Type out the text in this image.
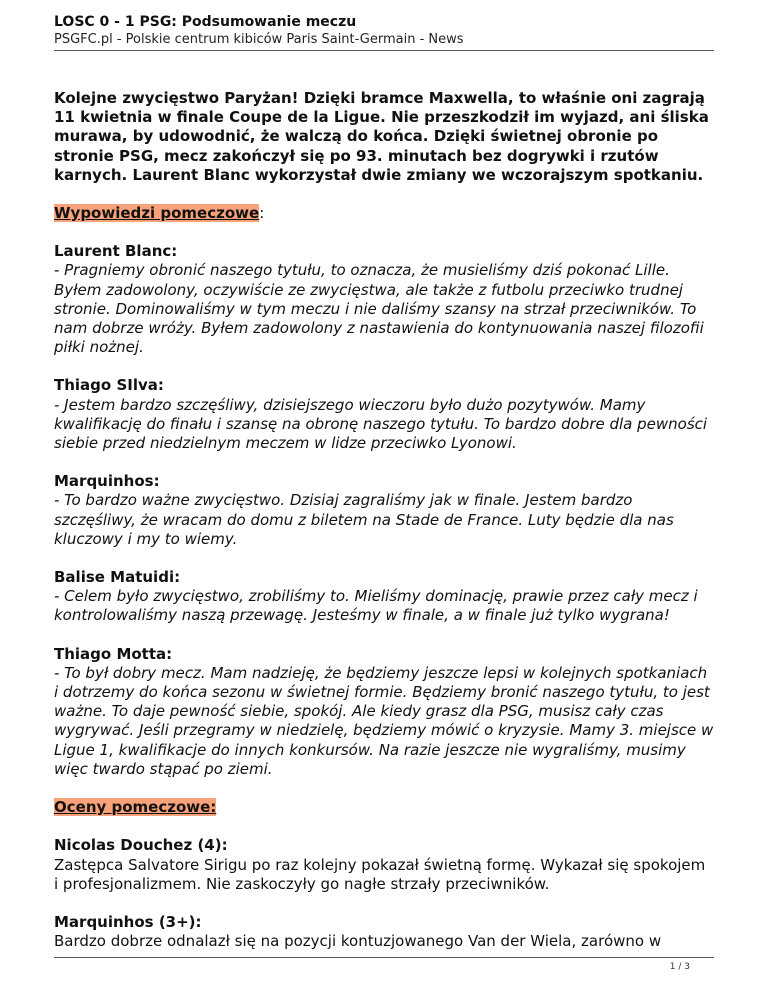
LOSC 0 - 1 PSG: Podsumowanie meczu
PSGFC.pl - Polskie centrum kibiców Paris Saint-Germain - News

Kolejne zwycięstwo Paryżan! Dzięki bramce Maxwella, to właśnie oni zagrają 11 kwietnia w finale Coupe de la Ligue. Nie przeszkodził im wyjazd, ani śliska murawa, by udowodnić, że walczą do końca. Dzięki świetnej obronie po stronie PSG, mecz zakończył się po 93. minutach bez dogrywki i rzutów karnych. Laurent Blanc wykorzystał dwie zmiany we wczorajszym spotkaniu.

Wypowiedzi pomeczowe:
Laurent Blanc:
- Pragniemy obronić naszego tytułu, to oznacza, że musieliśmy dziś pokonać Lille. Byłem zadowolony, oczywiście ze zwycięstwa, ale także z futbolu przeciwko trudnej stronie. Dominowaliśmy w tym meczu i nie daliśmy szansy na strzał przeciwników. To nam dobrze wróży. Byłem zadowolony z nastawienia do kontynuowania naszej filozofii piłki nożnej.
Thiago SIlva:
- Jestem bardzo szczęśliwy, dzisiejszego wieczoru było dużo pozytywów. Mamy kwalifikację do finału i szansę na obronę naszego tytułu. To bardzo dobre dla pewności siebie przed niedzielnym meczem w lidze przeciwko Lyonowi.
Marquinhos:
- To bardzo ważne zwycięstwo. Dzisiaj zagraliśmy jak w finale. Jestem bardzo szczęśliwy, że wracam do domu z biletem na Stade de France. Luty będzie dla nas kluczowy i my to wiemy.
Balise Matuidi:
- Celem było zwycięstwo, zrobiliśmy to. Mieliśmy dominację, prawie przez cały mecz i kontrolowaliśmy naszą przewagę. Jesteśmy w finale, a w finale już tylko wygrana!
Thiago Motta:
- To był dobry mecz. Mam nadzieję, że będziemy jeszcze lepsi w kolejnych spotkaniach i dotrzemy do końca sezonu w świetnej formie. Będziemy bronić naszego tytułu, to jest ważne. To daje pewność siebie, spokój. Ale kiedy grasz dla PSG, musisz cały czas wygrywać. Jeśli przegramy w niedzielę, będziemy mówić o kryzysie. Mamy 3. miejsce w Ligue 1, kwalifikacje do innych konkursów. Na razie jeszcze nie wygraliśmy, musimy więc twardo stąpać po ziemi.
Oceny pomeczowe:
Nicolas Douchez (4):
Zastępca Salvatore Sirigu po raz kolejny pokazał świetną formę. Wykazał się spokojem i profesjonalizmem. Nie zaskoczyły go nagłe strzały przeciwników.
Marquinhos (3+):
Bardzo dobrze odnalazł się na pozycji kontuzjowanego Van der Wiela, zarówno w
1 / 3
